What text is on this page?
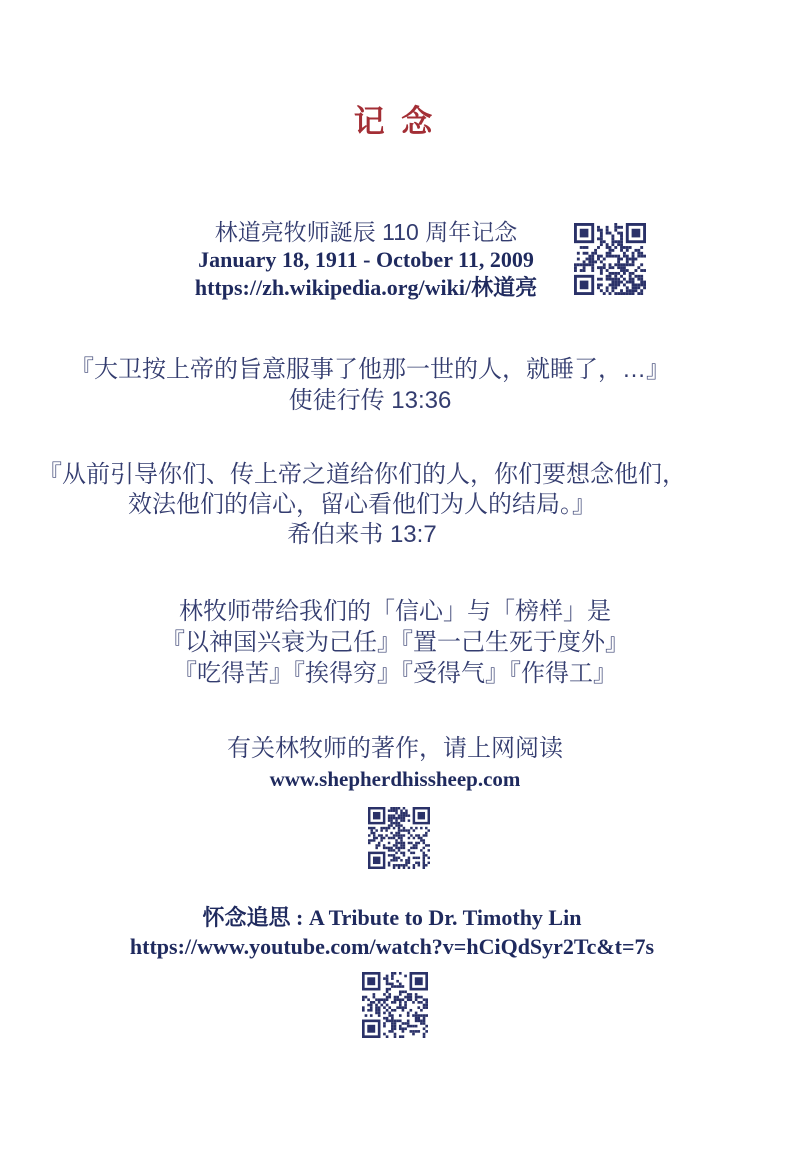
记 念
林道亮牧师誕辰 110 周年记念
January 18, 1911 - October 11, 2009
https://zh.wikipedia.org/wiki/林道亮
『大卫按上帝的旨意服事了他那一世的人，就睡了，…』
使徒行传 13:36
『从前引导你们、传上帝之道给你们的人，你们要想念他们，
效法他们的信心，留心看他们为人的结局。』
希伯来书 13:7
林牧师带给我们的「信心」与「榜样」是
『以神国兴衰为己任』『置一己生死于度外』
『吃得苦』『挨得穷』『受得气』『作得工』
有关林牧师的著作，请上网阅读
www.shepherdhissheep.com
怀念追思 : A Tribute to Dr. Timothy Lin
https://www.youtube.com/watch?v=hCiQdSyr2Tc&t=7s
